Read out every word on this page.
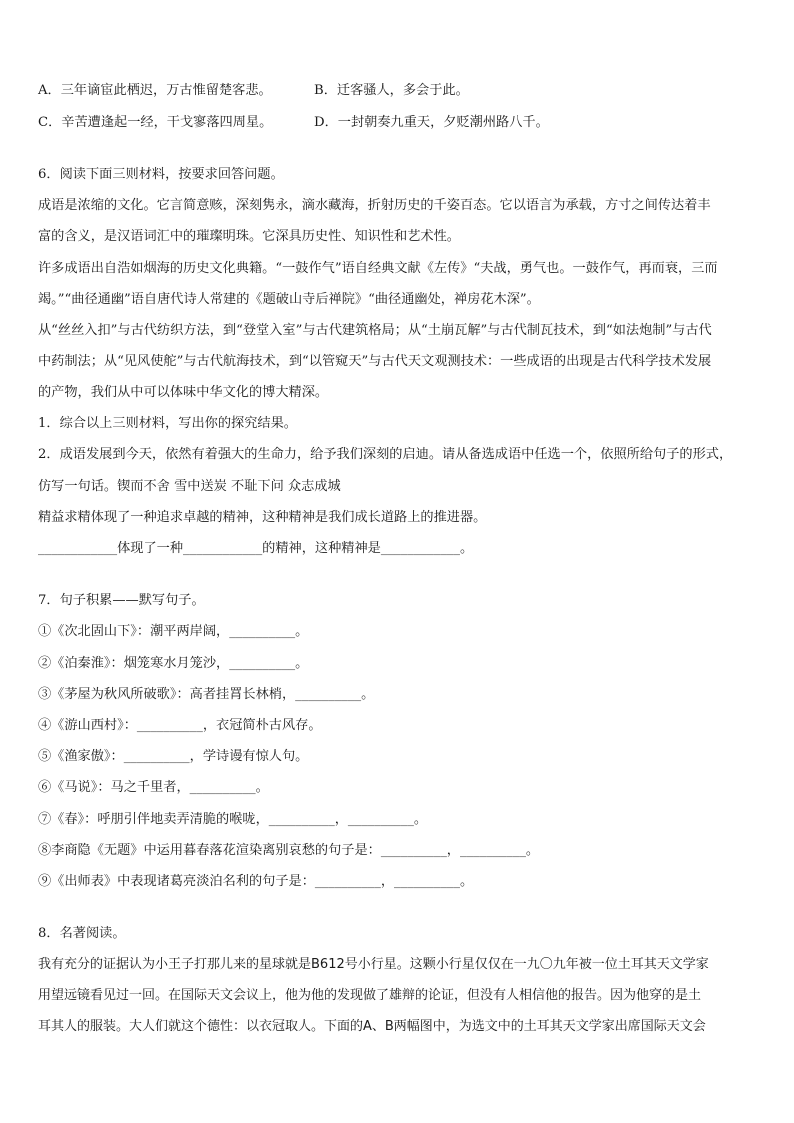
A．三年谪宦此栖迟，万古惟留楚客悲。	B．迁客骚人，多会于此。
C．辛苦遭逢起一经，干戈寥落四周星。	D．一封朝奏九重天，夕贬潮州路八千。
6．阅读下面三则材料，按要求回答问题。
成语是浓缩的文化。它言简意赅，深刻隽永，滴水藏海，折射历史的千姿百态。它以语言为承载，方寸之间传达着丰
富的含义，是汉语词汇中的璀璨明珠。它深具历史性、知识性和艺术性。
许多成语出自浩如烟海的历史文化典籍。“一鼓作气”语自经典文献《左传》“夫战，勇气也。一鼓作气，再而衰，三而
竭。”“曲径通幽”语自唐代诗人常建的《题破山寺后禅院》“曲径通幽处，禅房花木深”。
从“丝丝入扣”与古代纺织方法，到“登堂入室”与古代建筑格局；从“土崩瓦解”与古代制瓦技术，到“如法炮制”与古代
中药制法；从“见风使舵”与古代航海技术，到“以管窥天”与古代天文观测技术：一些成语的出现是古代科学技术发展
的产物，我们从中可以体味中华文化的博大精深。
1．综合以上三则材料，写出你的探究结果。
2．成语发展到今天，依然有着强大的生命力，给予我们深刻的启迪。请从备选成语中任选一个，依照所给句子的形式，
仿写一句话。锲而不舍 雪中送炭 不耻下问 众志成城
精益求精体现了一种追求卓越的精神，这种精神是我们成长道路上的推进器。
____________体现了一种____________的精神，这种精神是____________。
7．句子积累——默写句子。
①《次北固山下》：潮平两岸阔，__________。
②《泊秦淮》：烟笼寒水月笼沙，__________。
③《茅屋为秋风所破歌》：高者挂罥长林梢，__________。
④《游山西村》：__________，衣冠简朴古风存。
⑤《渔家傲》：__________，学诗谩有惊人句。
⑥《马说》：马之千里者，__________。
⑦《春》：呼朋引伴地卖弄清脆的喉咙，__________，__________。
⑧李商隐《无题》中运用暮春落花渲染离别哀愁的句子是：__________，__________。
⑨《出师表》中表现诸葛亮淡泊名利的句子是：__________，__________。
8．名著阅读。
我有充分的证据认为小王子打那儿来的星球就是B612号小行星。这颗小行星仅仅在一九〇九年被一位土耳其天文学家
用望远镜看见过一回。在国际天文会议上，他为他的发现做了雄辩的论证，但没有人相信他的报告。因为他穿的是土
耳其人的服装。大人们就这个德性：以衣冠取人。下面的A、B两幅图中，为选文中的土耳其天文学家出席国际天文会
